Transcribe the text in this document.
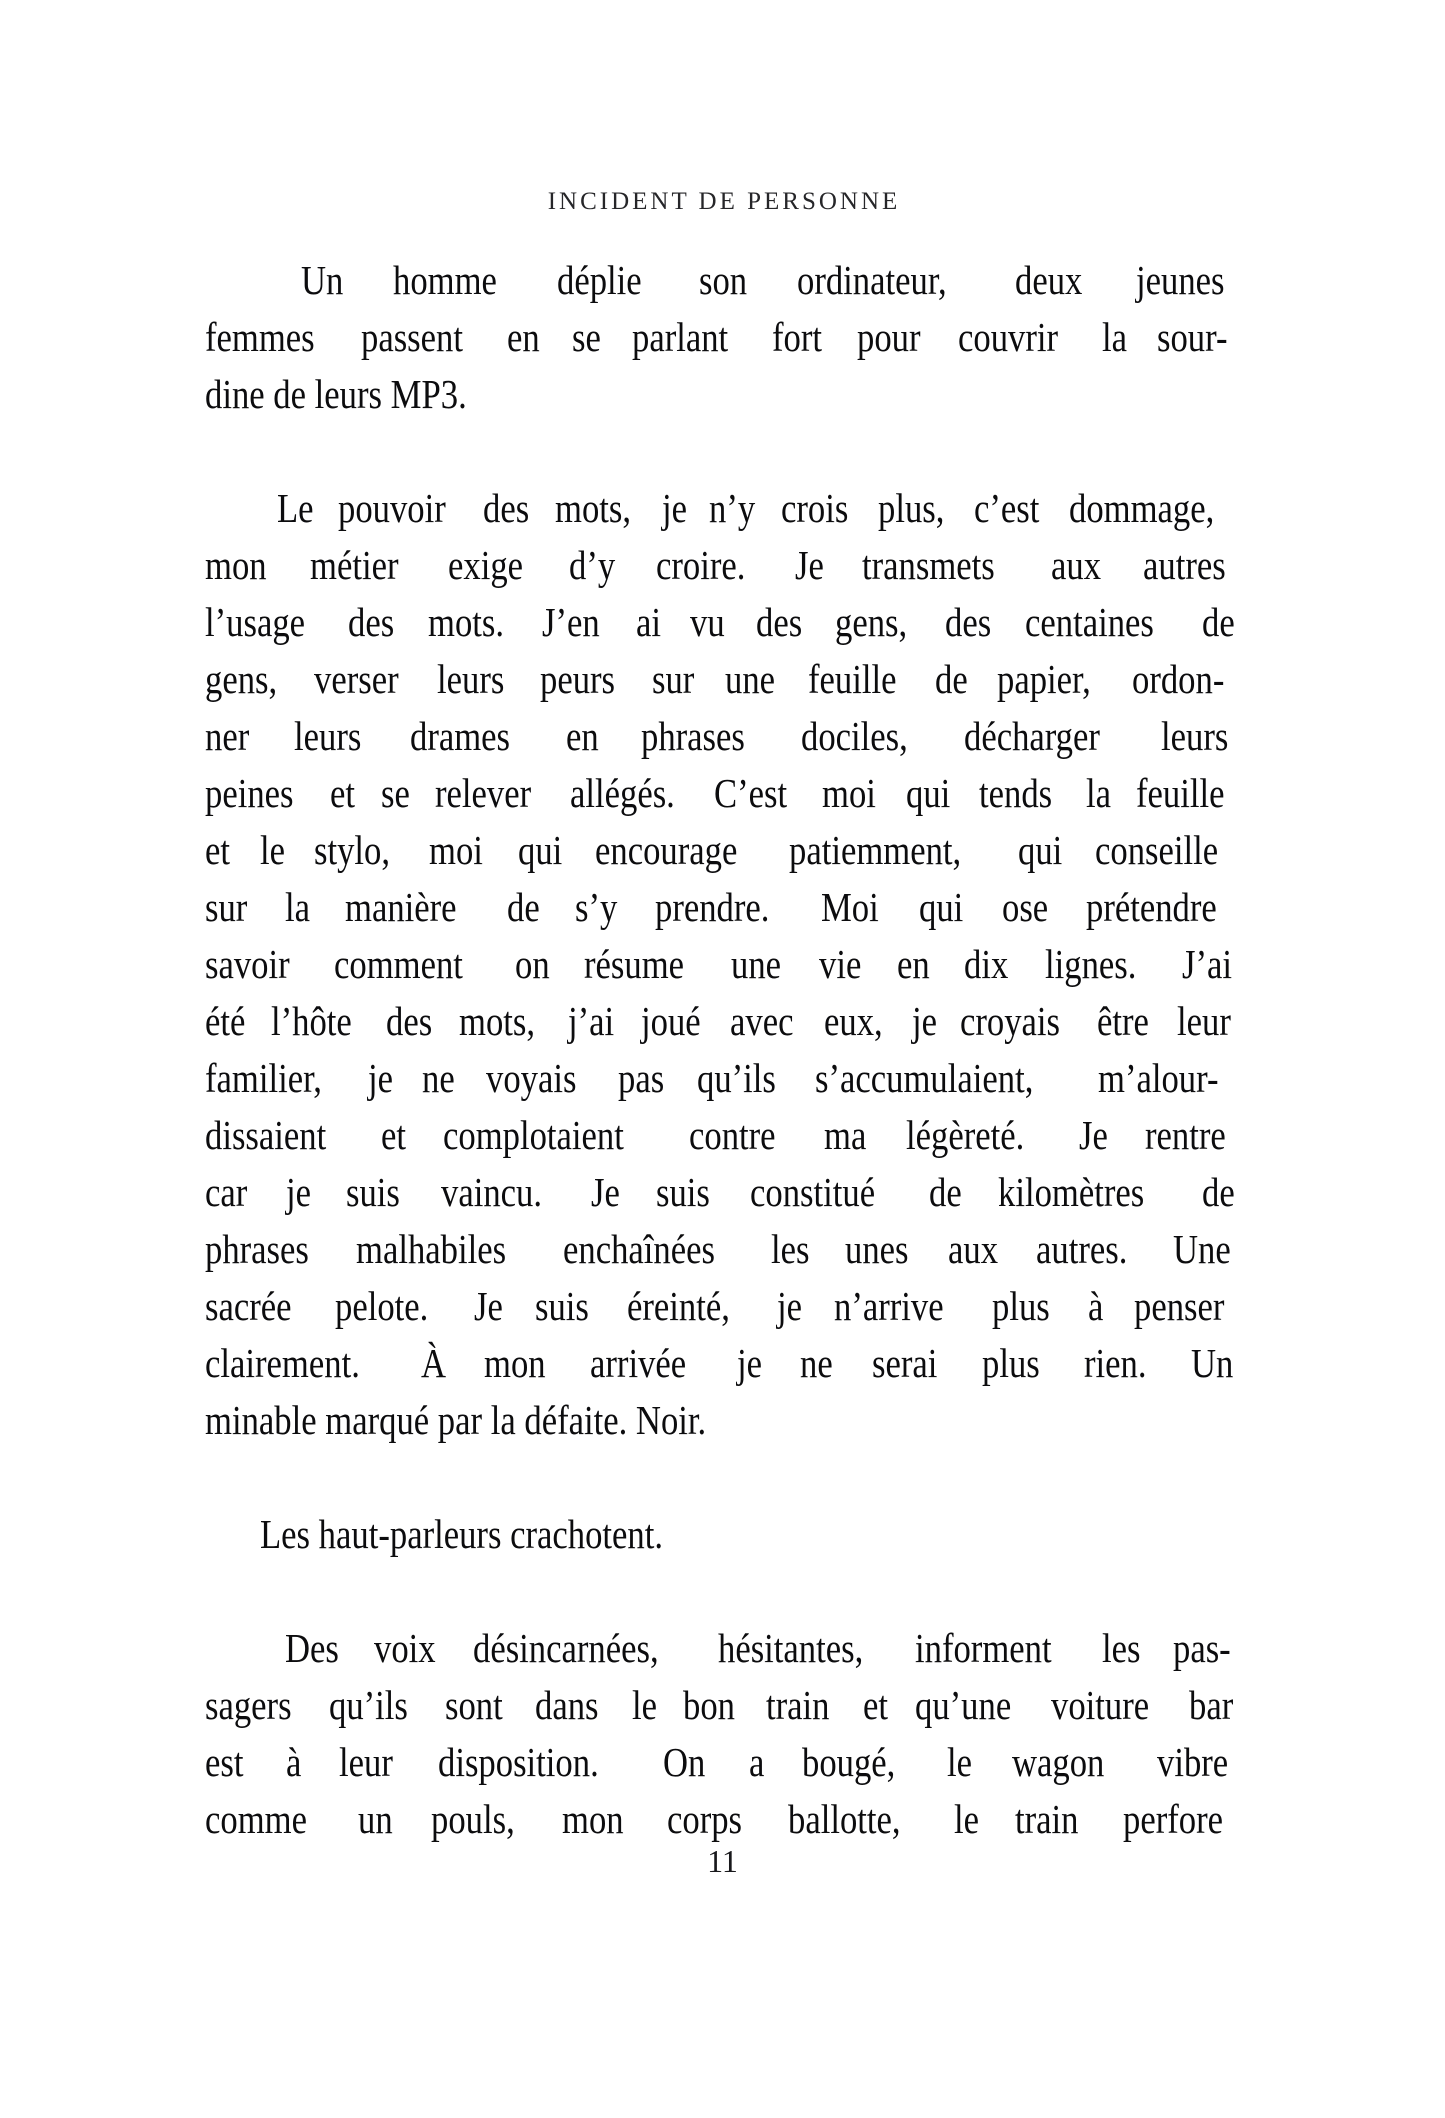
INCIDENT DE PERSONNE
Un homme	déplie	son ordinateur,	deux	jeunes
femmes	passent	en se parlant	fort pour couvrir	la sour-
dine de leurs MP3.
Le pouvoir des mots, je n’y crois plus, c’est dommage,
mon métier	exige	d’y croire.	Je transmets	aux autres
l’usage	des mots. J’en ai vu des gens, des centaines	de
gens, verser leurs peurs sur une feuille de papier, ordon-
ner leurs	drames	en phrases	dociles,	décharger	leurs
peines et se relever allégés. C’est moi qui tends la feuille
et le stylo, moi qui encourage	patiemment,	qui conseille
sur la manière	de s’y prendre.	Moi qui ose prétendre
savoir	comment	on résume	une vie en dix lignes.	J’ai
été l’hôte des mots, j’ai joué avec eux, je croyais être leur
familier,	je ne voyais	pas qu’ils s’accumulaient,	m’alour-
dissaient	et complotaient	contre	ma légèreté.	Je rentre
car je suis vaincu.	Je suis constitué	de kilomètres	de
phrases	malhabiles	enchaînées	les unes aux autres.	Une
sacrée	pelote.	Je suis éreinté,	je n’arrive	plus à penser
clairement.	À mon arrivée	je ne serai plus rien. Un
minable marqué par la défaite. Noir.
Les haut-parleurs crachotent.
Des voix désincarnées,	hésitantes,	informent	les pas-
sagers qu’ils sont dans le bon train et qu’une voiture bar
est à leur disposition.	On a bougé,	le wagon	vibre
comme	un pouls,	mon corps	ballotte,	le train perfore
11
